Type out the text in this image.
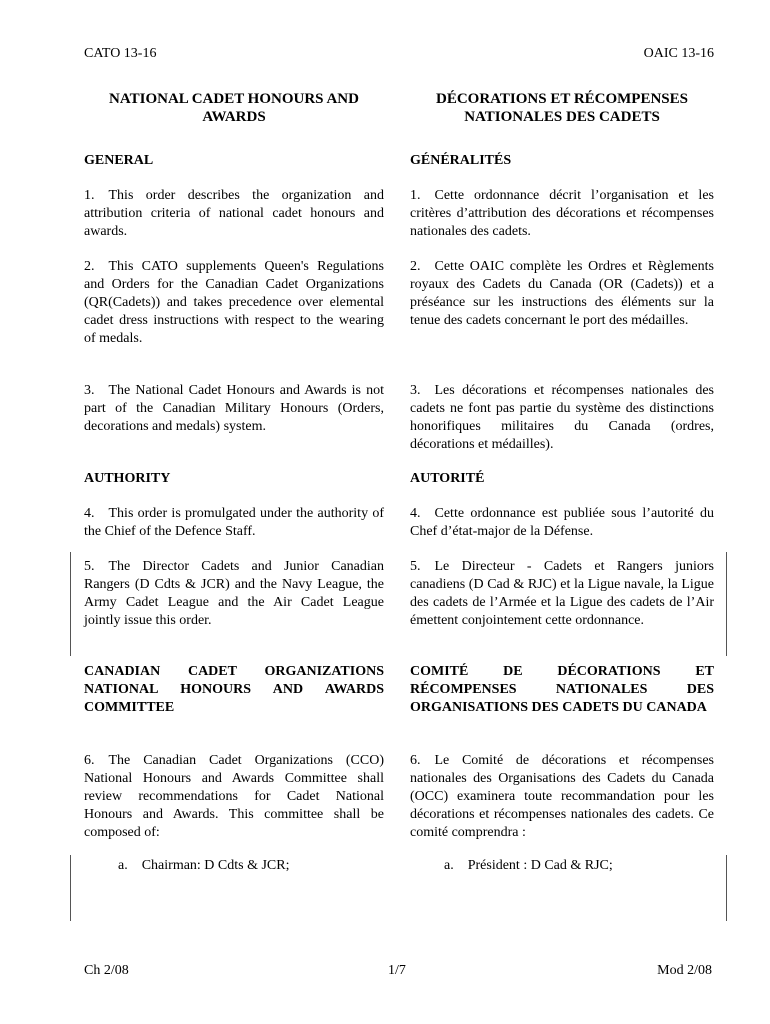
CATO 13-16	OAIC 13-16

NATIONAL CADET HONOURS AND AWARDS

GENERAL

1. This order describes the organization and attribution criteria of national cadet honours and awards.

2. This CATO supplements Queen's Regulations and Orders for the Canadian Cadet Organizations (QR(Cadets)) and takes precedence over elemental cadet dress instructions with respect to the wearing of medals.

3. The National Cadet Honours and Awards is not part of the Canadian Military Honours (Orders, decorations and medals) system.

AUTHORITY

4. This order is promulgated under the authority of the Chief of the Defence Staff.

5. The Director Cadets and Junior Canadian Rangers (D Cdts & JCR) and the Navy League, the Army Cadet League and the Air Cadet League jointly issue this order.

CANADIAN CADET ORGANIZATIONS NATIONAL HONOURS AND AWARDS COMMITTEE

6. The Canadian Cadet Organizations (CCO) National Honours and Awards Committee shall review recommendations for Cadet National Honours and Awards. This committee shall be composed of:

a. Chairman: D Cdts & JCR;

DÉCORATIONS ET RÉCOMPENSES NATIONALES DES CADETS

GÉNÉRALITÉS

1. Cette ordonnance décrit l’organisation et les critères d’attribution des décorations et récompenses nationales des cadets.

2. Cette OAIC complète les Ordres et Règlements royaux des Cadets du Canada (OR (Cadets)) et a préséance sur les instructions des éléments sur la tenue des cadets concernant le port des médailles.

3. Les décorations et récompenses nationales des cadets ne font pas partie du système des distinctions honorifiques militaires du Canada (ordres, décorations et médailles).

AUTORITÉ

4. Cette ordonnance est publiée sous l’autorité du Chef d’état-major de la Défense.

5. Le Directeur - Cadets et Rangers juniors canadiens (D Cad & RJC) et la Ligue navale, la Ligue des cadets de l’Armée et la Ligue des cadets de l’Air émettent conjointement cette ordonnance.

COMITÉ DE DÉCORATIONS ET RÉCOMPENSES NATIONALES DES ORGANISATIONS DES CADETS DU CANADA

6. Le Comité de décorations et récompenses nationales des Organisations des Cadets du Canada (OCC) examinera toute recommandation pour les décorations et récompenses nationales des cadets. Ce comité comprendra :

a. Président : D Cad & RJC;

Ch 2/08	1/7	Mod 2/08
